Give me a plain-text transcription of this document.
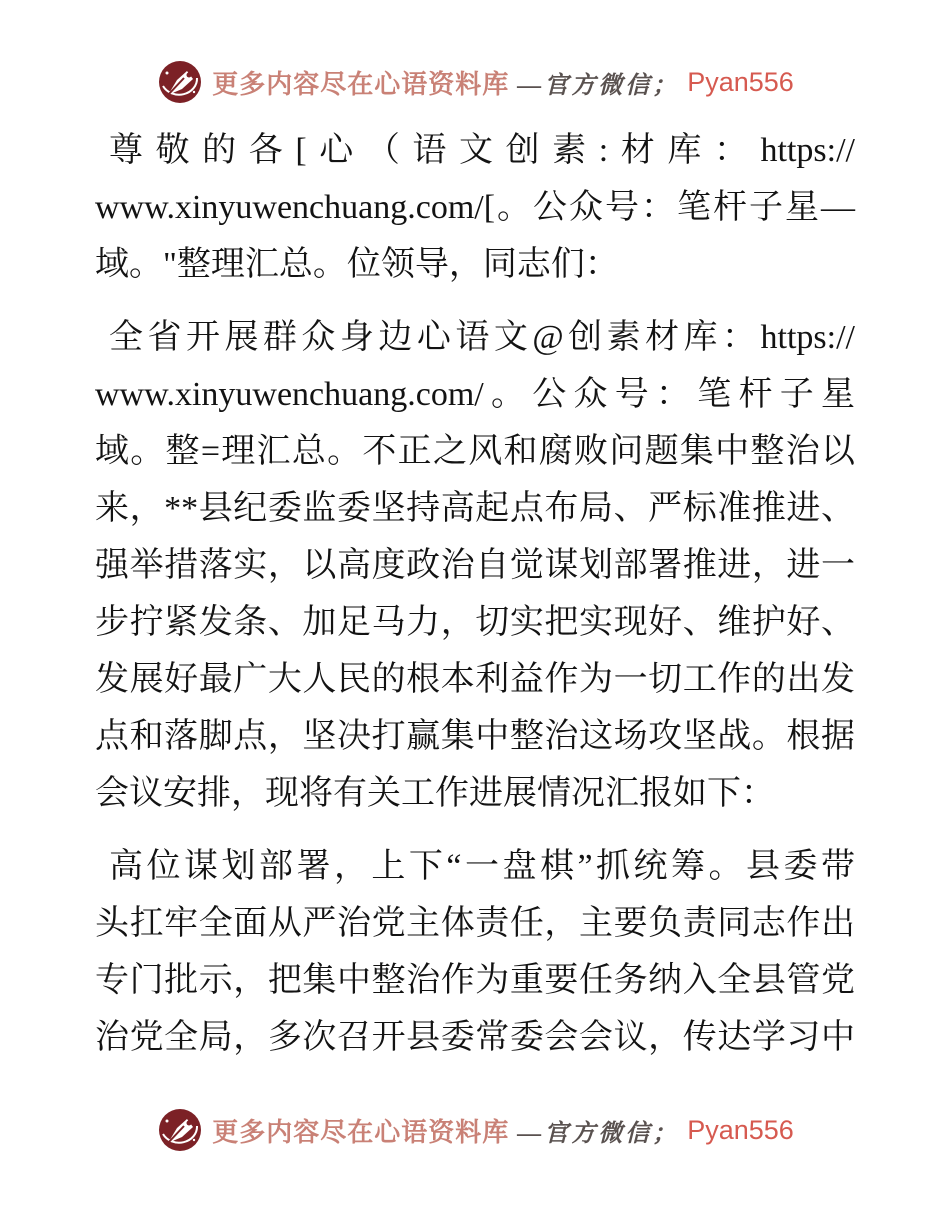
更多内容尽在心语资料库 —官方微信； Pyan556
尊敬的各[心（语文创素:材库：https://
www.xinyuwenchuang.com/[。公众号：笔杆子星—
域。"整理汇总。位领导，同志们：
全省开展群众身边心语文@创素材库：https://
www.xinyuwenchuang.com/。公众号：笔杆子星
域。整=理汇总。不正之风和腐败问题集中整治以
来，**县纪委监委坚持高起点布局、严标准推进、
强举措落实，以高度政治自觉谋划部署推进，进一
步拧紧发条、加足马力，切实把实现好、维护好、
发展好最广大人民的根本利益作为一切工作的出发
点和落脚点，坚决打赢集中整治这场攻坚战。根据
会议安排，现将有关工作进展情况汇报如下：
高位谋划部署，上下“一盘棋”抓统筹。县委带
头扛牢全面从严治党主体责任，主要负责同志作出
专门批示，把集中整治作为重要任务纳入全县管党
治党全局，多次召开县委常委会会议，传达学习中
更多内容尽在心语资料库 —官方微信； Pyan556
